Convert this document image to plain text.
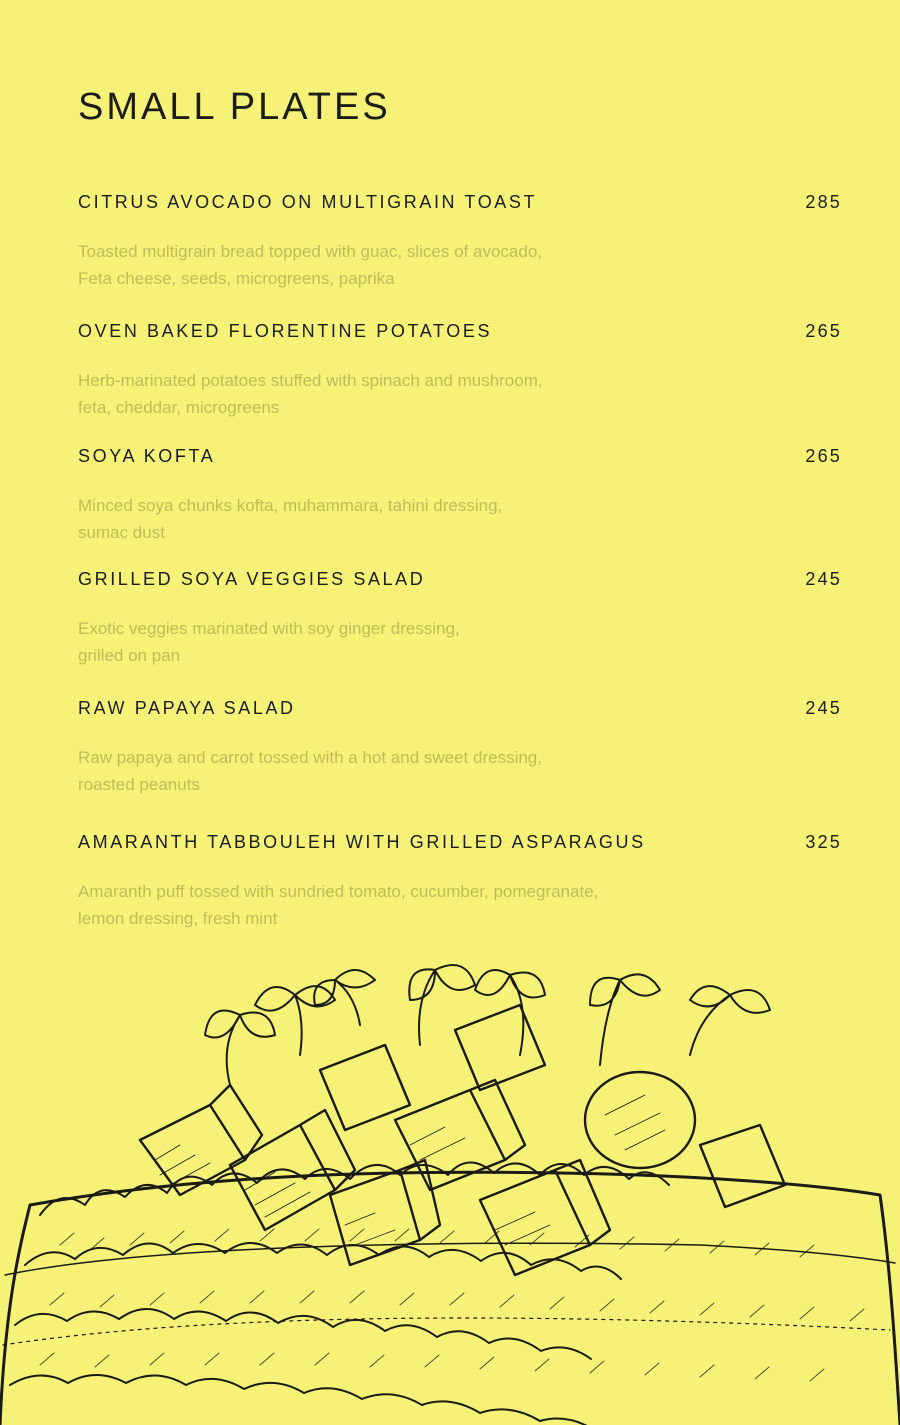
SMALL PLATES
CITRUS AVOCADO ON MULTIGRAIN TOAST	285
Toasted multigrain bread topped with guac, slices of avocado,
Feta cheese, seeds, microgreens, paprika
OVEN BAKED FLORENTINE POTATOES	265
Herb-marinated potatoes stuffed with spinach and mushroom,
feta, cheddar, microgreens
SOYA KOFTA	265
Minced soya chunks kofta, muhammara, tahini dressing,
sumac dust
GRILLED SOYA VEGGIES SALAD	245
Exotic veggies marinated with soy ginger dressing,
grilled on pan
RAW PAPAYA SALAD	245
Raw papaya and carrot tossed with a hot and sweet dressing,
roasted peanuts
AMARANTH TABBOULEH WITH GRILLED ASPARAGUS	325
Amaranth puff tossed with sundried tomato, cucumber, pomegranate,
lemon dressing, fresh mint
